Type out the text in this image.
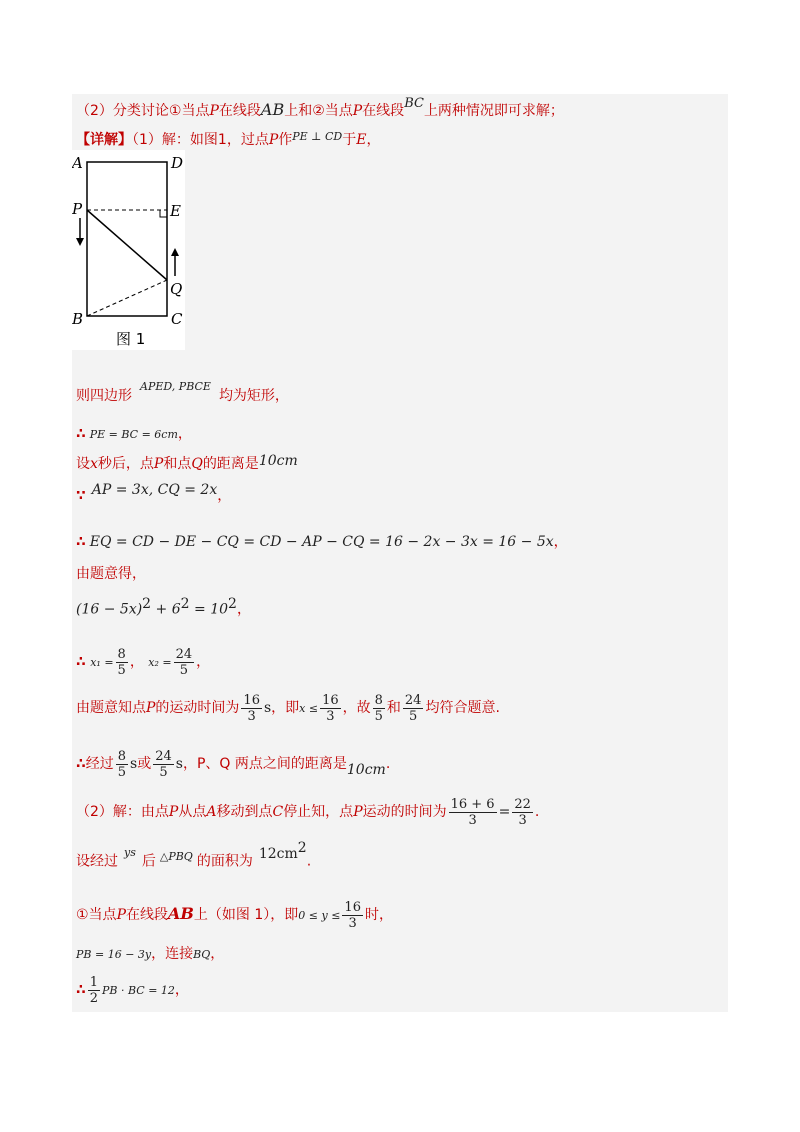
（2）分类讨论①当点P在线段AB上和②当点P在线段BC上两种情况即可求解；
【详解】（1）解：如图1，过点P作$^{PE \perp CD}$于E，
A	D
P	E
Q
B	C
图 1
则四边形$^{APED, PBCE}$均为矩形，
∴ PE = BC = 6cm，
设x秒后，点P和点Q的距离是10cm
∵ AP = 3x, CQ = 2x，
∴ EQ = CD − DE − CQ = CD − AP − CQ = 16 − 2x − 3x = 16 − 5x，
由题意得，
$(16 - 5x)^2 + 6^2 = 10^2$，
∴ $x_1 = \frac{8}{5}$ ， $x_2 = \frac{24}{5}$ ，
由题意知点P的运动时间为 $\frac{16}{3}$ s，即$x \le \frac{16}{3}$ ，故 $\frac{8}{5}$ 和 $\frac{24}{5}$ 均符合题意.
∴经过 $\frac{8}{5}$ s或 $\frac{24}{5}$ s，P、Q 两点之间的距离是10cm.
（2）解：由点P从点A移动到点C停止知，点P运动的时间为 $\frac{16 + 6}{3} = \frac{22}{3}$ .
设经过$^{ys}$后 $^{\triangle PBQ}$ 的面积为 $12cm^2$.
①当点P在线段AB上（如图 1），即$0 \le y \le \frac{16}{3}$ 时，
PB = 16 − 3y，连接BQ，
∴ $\frac{1}{2}$ PB · BC = 12，
